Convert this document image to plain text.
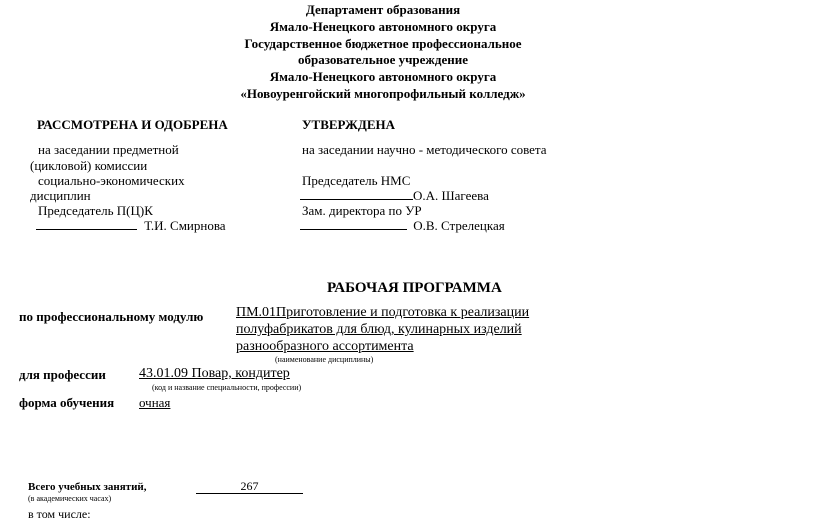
Департамент образования
Ямало-Ненецкого автономного округа
Государственное бюджетное профессиональное
образовательное учреждение
Ямало-Ненецкого автономного округа
«Новоуренгойский многопрофильный колледж»
РАССМОТРЕНА И ОДОБРЕНА
на заседании предметной
(цикловой) комиссии
социально-экономических
дисциплин
Председатель П(Ц)К
Т.И. Смирнова
УТВЕРЖДЕНА
на заседании научно - методического совета
Председатель НМС
О.А. Шагеева
Зам. директора по УР
О.В. Стрелецкая
РАБОЧАЯ ПРОГРАММА
по профессиональному модулю ПМ.01Приготовление и подготовка к реализации
полуфабрикатов для блюд, кулинарных изделий
разнообразного ассортимента
(наименование дисциплины)
для профессии 43.01.09 Повар, кондитер
(код и название специальности, профессии)
форма обучения очная
Всего учебных занятий,	267
(в академических часах)
в том числе:
